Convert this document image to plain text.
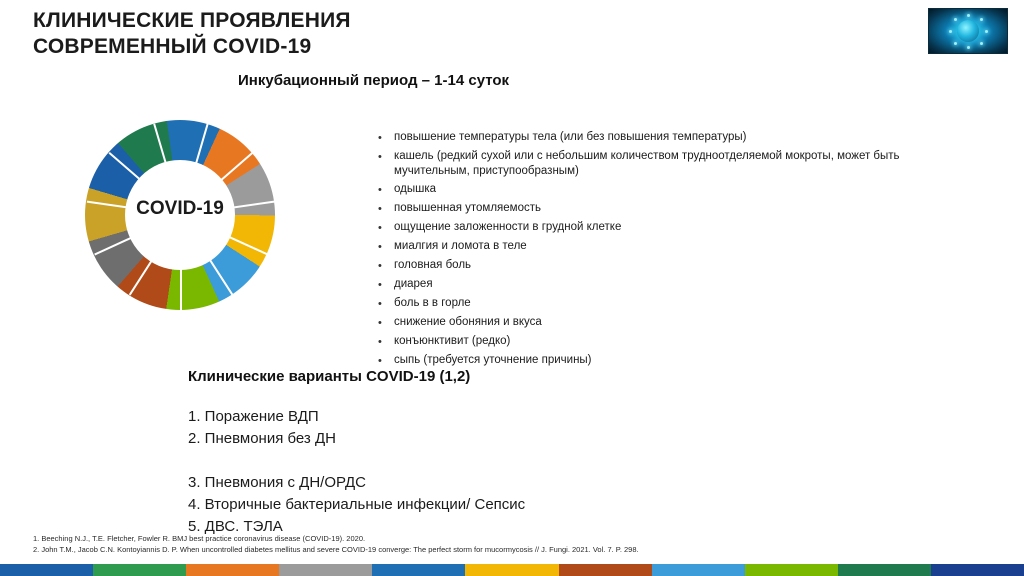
КЛИНИЧЕСКИЕ ПРОЯВЛЕНИЯ
СОВРЕМЕННЫЙ COVID-19
Инкубационный период – 1-14 суток
COVID-19
•	повышение температуры тела (или без повышения температуры)
•	кашель (редкий сухой или с небольшим количеством трудноотделяемой мокроты, может быть мучительным, приступообразным)
•	одышка
•	повышенная утомляемость
•	ощущение заложенности в грудной клетке
•	миалгия и ломота в теле
•	головная боль
•	диарея
•	боль в в горле
•	снижение обоняния и вкуса
•	конъюнктивит (редко)
•	сыпь (требуется уточнение причины)
Клинические варианты COVID-19 (1,2)
1. Поражение ВДП
2. Пневмония без ДН
3. Пневмония с ДН/ОРДС
4. Вторичные бактериальные инфекции/ Сепсис
5. ДВС. ТЭЛА
1. Beeching N.J., T.E. Fletcher, Fowler R. BMJ best practice coronavirus disease (COVID-19). 2020.
2. John T.M., Jacob C.N. Kontoyiannis D. P. When uncontrolled diabetes mellitus and severe COVID-19 converge: The perfect storm for mucormycosis // J. Fungi. 2021. Vol. 7. P. 298.
